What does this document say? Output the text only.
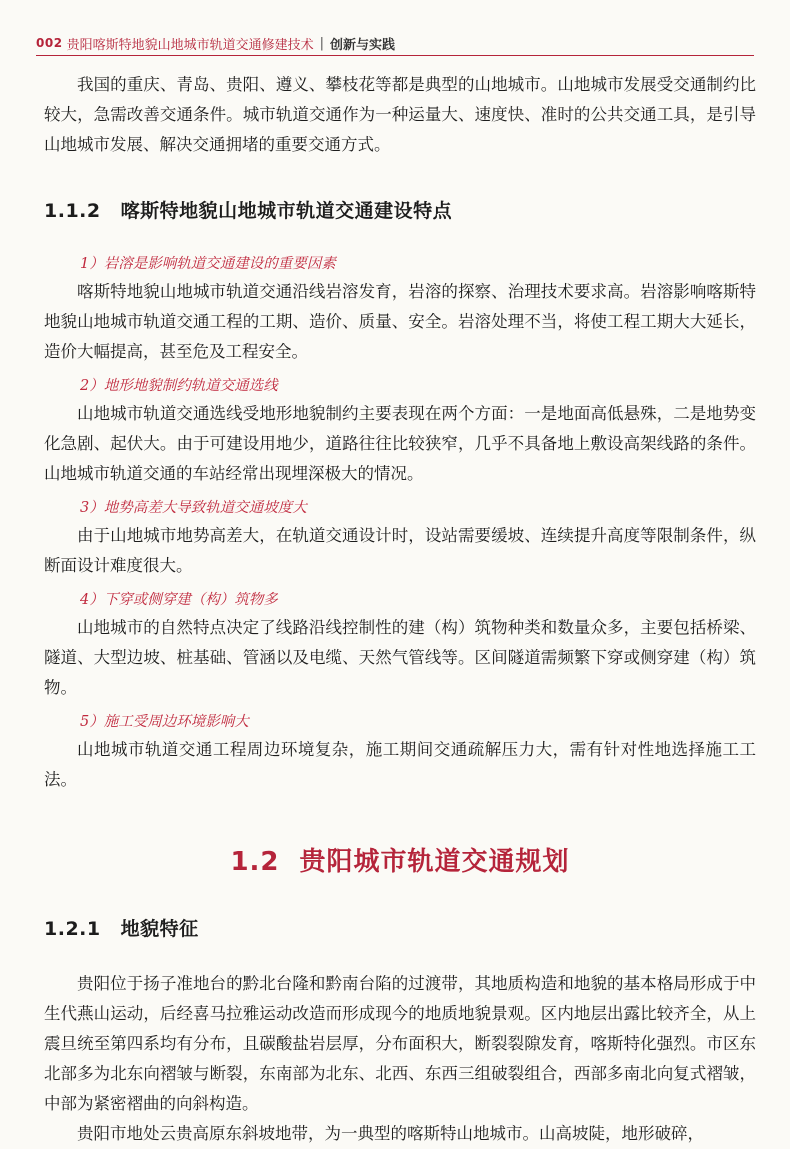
002 贵阳喀斯特地貌山地城市轨道交通修建技术 | 创新与实践

我国的重庆、青岛、贵阳、遵义、攀枝花等都是典型的山地城市。山地城市发展受交通制约比较大，急需改善交通条件。城市轨道交通作为一种运量大、速度快、准时的公共交通工具，是引导山地城市发展、解决交通拥堵的重要交通方式。

1.1.2 喀斯特地貌山地城市轨道交通建设特点
1）岩溶是影响轨道交通建设的重要因素

喀斯特地貌山地城市轨道交通沿线岩溶发育，岩溶的探察、治理技术要求高。岩溶影响喀斯特地貌山地城市轨道交通工程的工期、造价、质量、安全。岩溶处理不当，将使工程工期大大延长，造价大幅提高，甚至危及工程安全。

2）地形地貌制约轨道交通选线

山地城市轨道交通选线受地形地貌制约主要表现在两个方面：一是地面高低悬殊，二是地势变化急剧、起伏大。由于可建设用地少，道路往往比较狭窄，几乎不具备地上敷设高架线路的条件。山地城市轨道交通的车站经常出现埋深极大的情况。

3）地势高差大导致轨道交通坡度大

由于山地城市地势高差大，在轨道交通设计时，设站需要缓坡、连续提升高度等限制条件，纵断面设计难度很大。

4）下穿或侧穿建（构）筑物多

山地城市的自然特点决定了线路沿线控制性的建（构）筑物种类和数量众多，主要包括桥梁、隧道、大型边坡、桩基础、管涵以及电缆、天然气管线等。区间隧道需频繁下穿或侧穿建（构）筑物。

5）施工受周边环境影响大

山地城市轨道交通工程周边环境复杂，施工期间交通疏解压力大，需有针对性地选择施工工法。

1.2 贵阳城市轨道交通规划
1.2.1 地貌特征

贵阳位于扬子准地台的黔北台隆和黔南台陷的过渡带，其地质构造和地貌的基本格局形成于中生代燕山运动，后经喜马拉雅运动改造而形成现今的地质地貌景观。区内地层出露比较齐全，从上震旦统至第四系均有分布，且碳酸盐岩层厚，分布面积大，断裂裂隙发育，喀斯特化强烈。市区东北部多为北东向褶皱与断裂，东南部为北东、北西、东西三组破裂组合，西部多南北向复式褶皱，中部为紧密褶曲的向斜构造。

贵阳市地处云贵高原东斜坡地带，为一典型的喀斯特山地城市。山高坡陡，地形破碎，
